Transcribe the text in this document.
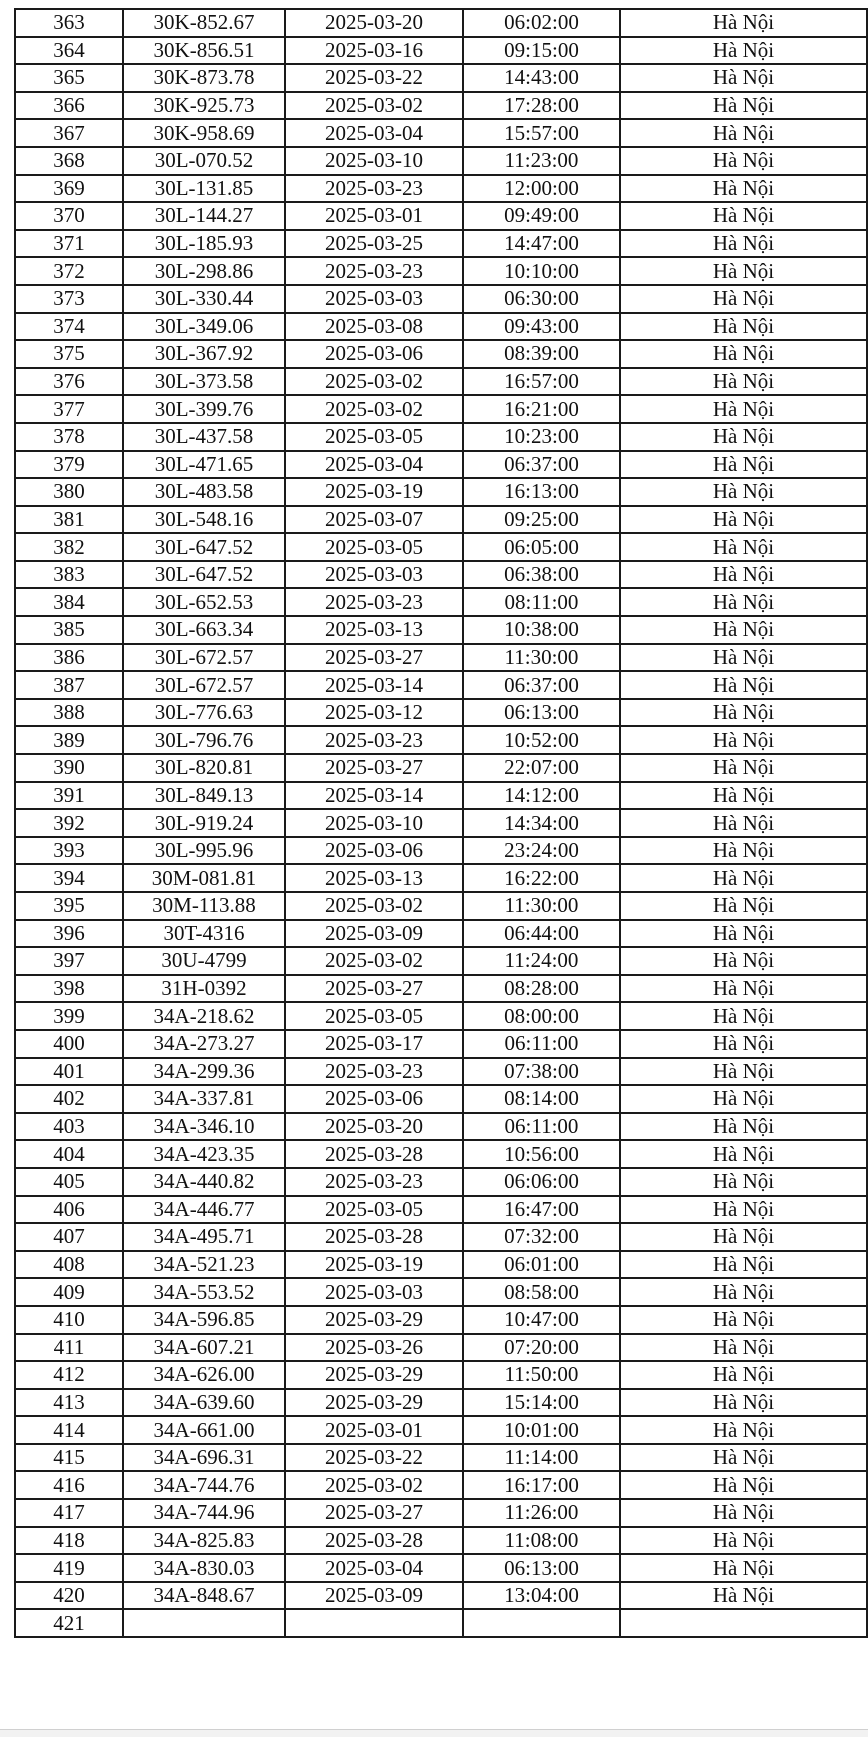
363	30K-852.67	2025-03-20	06:02:00	Hà Nội
364	30K-856.51	2025-03-16	09:15:00	Hà Nội
365	30K-873.78	2025-03-22	14:43:00	Hà Nội
366	30K-925.73	2025-03-02	17:28:00	Hà Nội
367	30K-958.69	2025-03-04	15:57:00	Hà Nội
368	30L-070.52	2025-03-10	11:23:00	Hà Nội
369	30L-131.85	2025-03-23	12:00:00	Hà Nội
370	30L-144.27	2025-03-01	09:49:00	Hà Nội
371	30L-185.93	2025-03-25	14:47:00	Hà Nội
372	30L-298.86	2025-03-23	10:10:00	Hà Nội
373	30L-330.44	2025-03-03	06:30:00	Hà Nội
374	30L-349.06	2025-03-08	09:43:00	Hà Nội
375	30L-367.92	2025-03-06	08:39:00	Hà Nội
376	30L-373.58	2025-03-02	16:57:00	Hà Nội
377	30L-399.76	2025-03-02	16:21:00	Hà Nội
378	30L-437.58	2025-03-05	10:23:00	Hà Nội
379	30L-471.65	2025-03-04	06:37:00	Hà Nội
380	30L-483.58	2025-03-19	16:13:00	Hà Nội
381	30L-548.16	2025-03-07	09:25:00	Hà Nội
382	30L-647.52	2025-03-05	06:05:00	Hà Nội
383	30L-647.52	2025-03-03	06:38:00	Hà Nội
384	30L-652.53	2025-03-23	08:11:00	Hà Nội
385	30L-663.34	2025-03-13	10:38:00	Hà Nội
386	30L-672.57	2025-03-27	11:30:00	Hà Nội
387	30L-672.57	2025-03-14	06:37:00	Hà Nội
388	30L-776.63	2025-03-12	06:13:00	Hà Nội
389	30L-796.76	2025-03-23	10:52:00	Hà Nội
390	30L-820.81	2025-03-27	22:07:00	Hà Nội
391	30L-849.13	2025-03-14	14:12:00	Hà Nội
392	30L-919.24	2025-03-10	14:34:00	Hà Nội
393	30L-995.96	2025-03-06	23:24:00	Hà Nội
394	30M-081.81	2025-03-13	16:22:00	Hà Nội
395	30M-113.88	2025-03-02	11:30:00	Hà Nội
396	30T-4316	2025-03-09	06:44:00	Hà Nội
397	30U-4799	2025-03-02	11:24:00	Hà Nội
398	31H-0392	2025-03-27	08:28:00	Hà Nội
399	34A-218.62	2025-03-05	08:00:00	Hà Nội
400	34A-273.27	2025-03-17	06:11:00	Hà Nội
401	34A-299.36	2025-03-23	07:38:00	Hà Nội
402	34A-337.81	2025-03-06	08:14:00	Hà Nội
403	34A-346.10	2025-03-20	06:11:00	Hà Nội
404	34A-423.35	2025-03-28	10:56:00	Hà Nội
405	34A-440.82	2025-03-23	06:06:00	Hà Nội
406	34A-446.77	2025-03-05	16:47:00	Hà Nội
407	34A-495.71	2025-03-28	07:32:00	Hà Nội
408	34A-521.23	2025-03-19	06:01:00	Hà Nội
409	34A-553.52	2025-03-03	08:58:00	Hà Nội
410	34A-596.85	2025-03-29	10:47:00	Hà Nội
411	34A-607.21	2025-03-26	07:20:00	Hà Nội
412	34A-626.00	2025-03-29	11:50:00	Hà Nội
413	34A-639.60	2025-03-29	15:14:00	Hà Nội
414	34A-661.00	2025-03-01	10:01:00	Hà Nội
415	34A-696.31	2025-03-22	11:14:00	Hà Nội
416	34A-744.76	2025-03-02	16:17:00	Hà Nội
417	34A-744.96	2025-03-27	11:26:00	Hà Nội
418	34A-825.83	2025-03-28	11:08:00	Hà Nội
419	34A-830.03	2025-03-04	06:13:00	Hà Nội
420	34A-848.67	2025-03-09	13:04:00	Hà Nội
421				
